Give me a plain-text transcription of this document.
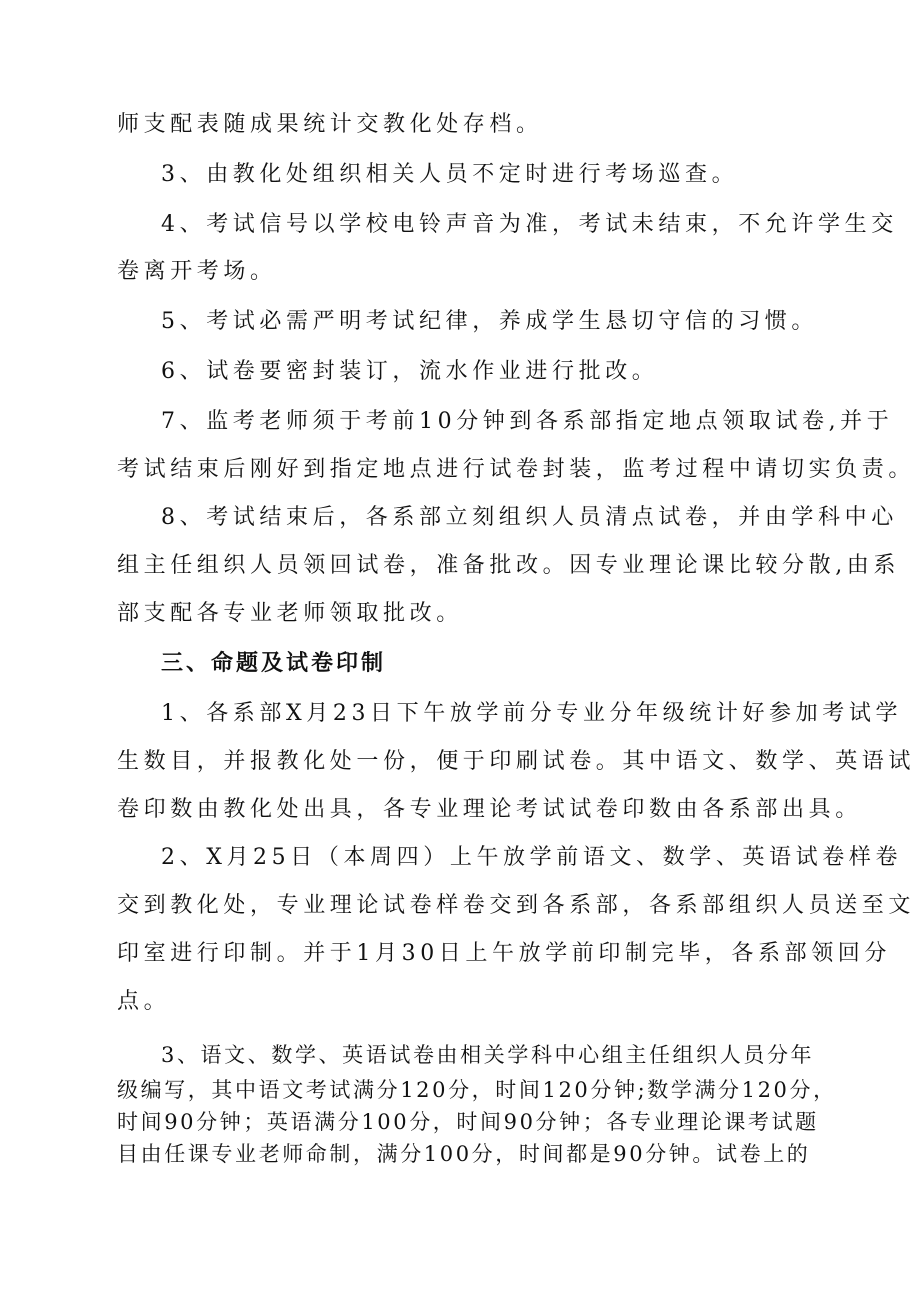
师支配表随成果统计交教化处存档。
3、由教化处组织相关人员不定时进行考场巡查。
4、考试信号以学校电铃声音为准，考试未结束，不允许学生交
卷离开考场。
5、考试必需严明考试纪律，养成学生恳切守信的习惯。
6、试卷要密封装订，流水作业进行批改。
7、监考老师须于考前10分钟到各系部指定地点领取试卷,并于
考试结束后刚好到指定地点进行试卷封装，监考过程中请切实负责。
8、考试结束后，各系部立刻组织人员清点试卷，并由学科中心
组主任组织人员领回试卷，准备批改。因专业理论课比较分散,由系
部支配各专业老师领取批改。
三、命题及试卷印制
1、各系部X月23日下午放学前分专业分年级统计好参加考试学
生数目，并报教化处一份，便于印刷试卷。其中语文、数学、英语试
卷印数由教化处出具，各专业理论考试试卷印数由各系部出具。
2、X月25日（本周四）上午放学前语文、数学、英语试卷样卷
交到教化处，专业理论试卷样卷交到各系部，各系部组织人员送至文
印室进行印制。并于1月30日上午放学前印制完毕，各系部领回分
点。
3、语文、数学、英语试卷由相关学科中心组主任组织人员分年
级编写，其中语文考试满分120分，时间120分钟;数学满分120分，
时间90分钟；英语满分100分，时间90分钟；各专业理论课考试题
目由任课专业老师命制，满分100分，时间都是90分钟。试卷上的
